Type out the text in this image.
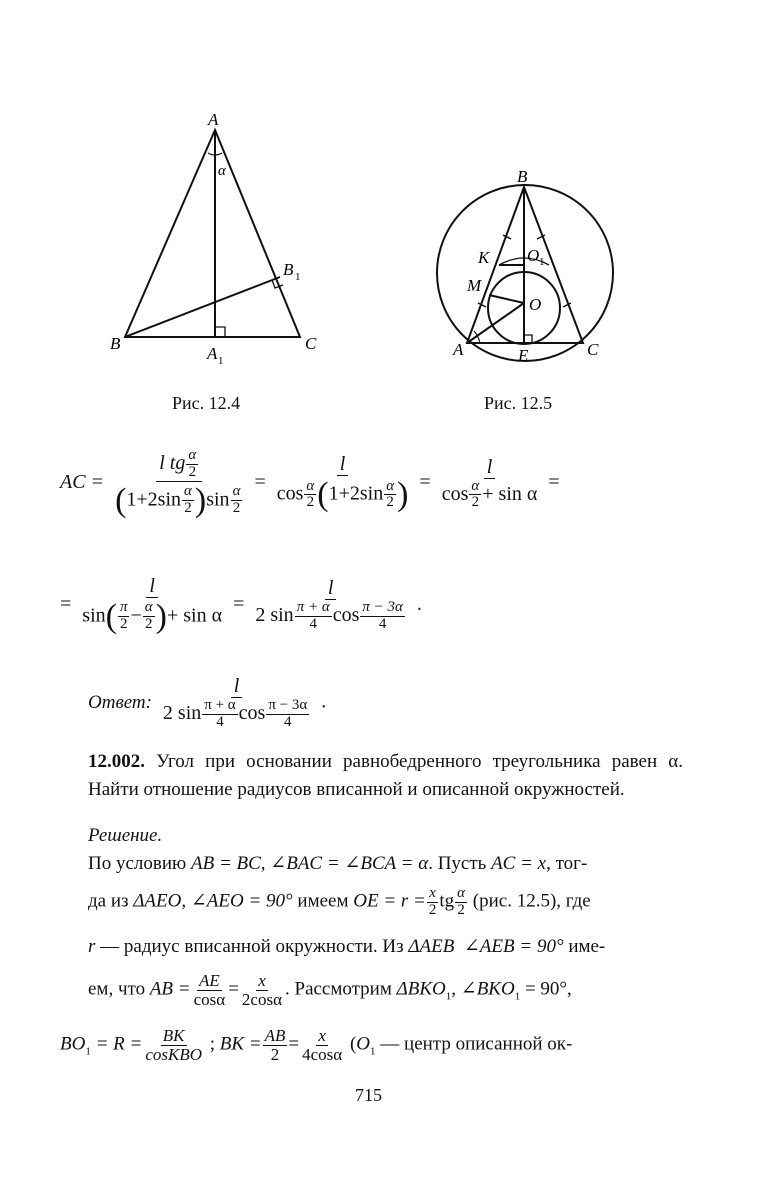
A
α
B	C
A 1
B 1
Рис. 12.4
B
K O 1
M
O
A	E	C
Рис. 12.5
AC = $\frac{l tg \frac{\alpha}{2}}{(1+2\sin \frac{\alpha}{2} )\sin \frac{\alpha}{2}} = \frac{l}{\cos \frac{\alpha}{2} (1+2\sin \frac{\alpha}{2} )} = \frac{l}{\cos \frac{\alpha}{2} + \sin \alpha}$ =
= $\frac{l}{\sin( \frac{\pi}{2} - \frac{\alpha}{2} )+ \sin \alpha} = \frac{l}{2 \sin \frac{\pi + \alpha}{4} \cos \frac{\pi - 3\alpha}{4}}$ .
Ответ: $\frac{l}{2 \sin \frac{\pi + \alpha}{4} \cos \frac{\pi - 3\alpha}{4}}$ .
12.002. Угол при основании равнобедренного треугольника равен α. Найти отношение радиусов вписанной и описанной окружностей.
Решение.
По условию AB = BC, ∠BAC = ∠BCA = α. Пусть AC = x, тог-
да из ΔAEO, ∠AEO = 90° имеем OE = $r = \frac{x}{2}$ tg $\frac{\alpha}{2} (рис$. 12.5), где
r — радиус вписанной окружности. Из ΔAEB ∠AEB = 90° име-
ем, что AB = $\frac{AE}{\cos\alpha} = \frac{x}{2\cos\alpha}$ . Рассмотрим $\Delta BKO_1$, $\angle BKO_1 = 90^\circ$,
$BO_1 = R$ = BK
cosKBO ; BK = $\frac{AB}{2} = \frac{x}{4\cos\alpha} (O_1$ — центр описанной ок-
715
